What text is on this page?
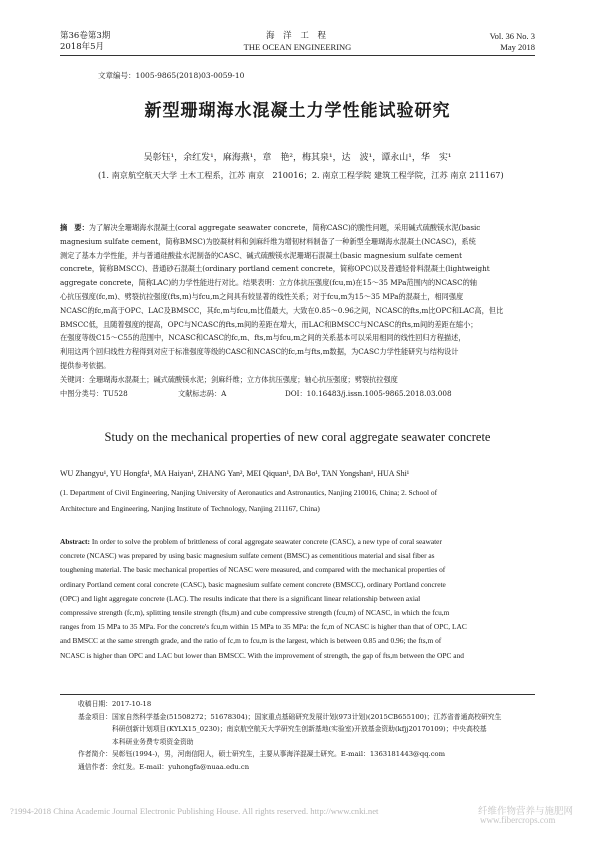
第36卷第3期
2018年5月
海 洋 工 程
THE OCEAN ENGINEERING
Vol. 36 No. 3
May 2018
文章编号：1005-9865(2018)03-0059-10
新型珊瑚海水混凝土力学性能试验研究
吴彰钰¹，余红发¹，麻海燕¹，章　艳²，梅其泉¹，达　波¹，谭永山¹，华　实¹
(1. 南京航空航天大学 土木工程系，江苏 南京　210016；2. 南京工程学院 建筑工程学院，江苏 南京 211167)
摘　要：为了解决全珊瑚海水混凝土(coral aggregate seawater concrete，简称CASC)的脆性问题，采用碱式硫酸镁水泥(basic
magnesium sulfate cement，简称BMSC)为胶凝材料和剑麻纤维为增韧材料制备了一种新型全珊瑚海水混凝土(NCASC)，系统
测定了基本力学性能，并与普通硅酸盐水泥制备的CASC、碱式硫酸镁水泥珊瑚石混凝土(basic magnesium sulfate cement
concrete，简称BMSCC)、普通砂石混凝土(ordinary portland cement concrete，简称OPC)以及普通轻骨料混凝土(lightweight
aggregate concrete，简称LAC)的力学性能进行对比。结果表明：立方体抗压强度(fcu,m)在15～35 MPa范围内的NCASC的轴
心抗压强度(fc,m)、劈裂抗拉强度(fts,m)与fcu,m之间具有较显著的线性关系；对于fcu,m为15～35 MPa的混凝土，相同强度
NCASC的fc,m高于OPC、LAC及BMSCC，其fc,m与fcu,m比值最大，大致在0.85～0.96之间，NCASC的fts,m比OPC和LAC高，但比
BMSCC低，且随着强度的提高，OPC与NCASC的fts,m间的差距在增大，而LAC和BMSCC与NCASC的fts,m间的差距在缩小；
在强度等级C15～C55的范围中，NCASC和CASC的fc,m、fts,m与fcu,m之间的关系基本可以采用相同的线性回归方程描述，
利用这两个回归线性方程得到对应于标准强度等级的CASC和NCASC的fc,m与fts,m数据，为CASC力学性能研究与结构设计
提供参考依据。
关键词：全珊瑚海水混凝土；碱式硫酸镁水泥；剑麻纤维；立方体抗压强度；轴心抗压强度；劈裂抗拉强度
中图分类号：TU528	文献标志码：A	DOI：10.16483/j.issn.1005-9865.2018.03.008
Study on the mechanical properties of new coral aggregate seawater concrete
WU Zhangyu¹, YU Hongfa¹, MA Haiyan¹, ZHANG Yan², MEI Qiquan¹, DA Bo¹, TAN Yongshan¹, HUA Shi¹
(1. Department of Civil Engineering, Nanjing University of Aeronautics and Astronautics, Nanjing 210016, China; 2. School of
Architecture and Engineering, Nanjing Institute of Technology, Nanjing 211167, China)
Abstract: In order to solve the problem of brittleness of coral aggregate seawater concrete (CASC), a new type of coral seawater
concrete (NCASC) was prepared by using basic magnesium sulfate cement (BMSC) as cementitious material and sisal fiber as
toughening material. The basic mechanical properties of NCASC were measured, and compared with the mechanical properties of
ordinary Portland cement coral concrete (CASC), basic magnesium sulfate cement concrete (BMSCC), ordinary Portland concrete
(OPC) and light aggregate concrete (LAC). The results indicate that there is a significant linear relationship between axial
compressive strength (fc,m), splitting tensile strength (fts,m) and cube compressive strength (fcu,m) of NCASC, in which the fcu,m
ranges from 15 MPa to 35 MPa. For the concrete's fcu,m within 15 MPa to 35 MPa: the fc,m of NCASC is higher than that of OPC, LAC
and BMSCC at the same strength grade, and the ratio of fc,m to fcu,m is the largest, which is between 0.85 and 0.96; the fts,m of
NCASC is higher than OPC and LAC but lower than BMSCC. With the improvement of strength, the gap of fts,m between the OPC and
收稿日期：2017-10-18
基金项目： 国家自然科学基金(51508272；51678304)；国家重点基础研究发展计划(973计划)(2015CB655100)；江苏省普通高校研究生
科研创新计划项目(KYLX15_0230)；南京航空航天大学研究生创新基地(实验室)开放基金资助(kfjj20170109)；中央高校基
本科研业务费专项资金资助
作者简介：吴彰钰(1994-)，男，河南信阳人，硕士研究生，主要从事海洋混凝土研究。E-mail：1363181443@qq.com
通信作者：余红发。E-mail：yuhongfa@nuaa.edu.cn
?1994-2018 China Academic Journal Electronic Publishing House. All rights reserved. http://www.cnki.net	纤维作物营养与施肥网
www.fibercrops.com
